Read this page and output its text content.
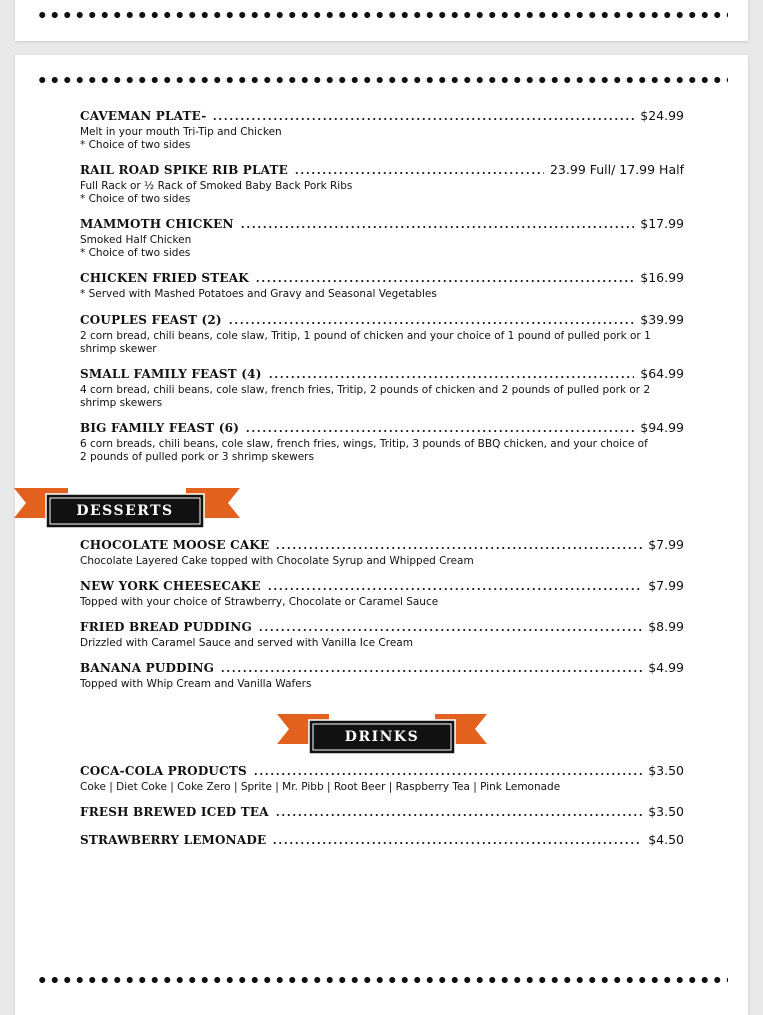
CAVEMAN PLATE-	$24.99
Melt in your mouth Tri-Tip and Chicken
* Choice of two sides
RAIL ROAD SPIKE RIB PLATE	23.99 Full/ 17.99 Half
Full Rack or ½ Rack of Smoked Baby Back Pork Ribs
* Choice of two sides
MAMMOTH CHICKEN	$17.99
Smoked Half Chicken
* Choice of two sides
CHICKEN FRIED STEAK	$16.99
* Served with Mashed Potatoes and Gravy and Seasonal Vegetables
COUPLES FEAST (2)	$39.99
2 corn bread, chili beans, cole slaw, Tritip, 1 pound of chicken and your choice of 1 pound of pulled pork or 1
shrimp skewer
SMALL FAMILY FEAST (4)	$64.99
4 corn bread, chili beans, cole slaw, french fries, Tritip, 2 pounds of chicken and 2 pounds of pulled pork or 2
shrimp skewers
BIG FAMILY FEAST (6)	$94.99
6 corn breads, chili beans, cole slaw, french fries, wings, Tritip, 3 pounds of BBQ chicken, and your choice of
2 pounds of pulled pork or 3 shrimp skewers
DESSERTS
CHOCOLATE MOOSE CAKE	$7.99
Chocolate Layered Cake topped with Chocolate Syrup and Whipped Cream
NEW YORK CHEESECAKE	$7.99
Topped with your choice of Strawberry, Chocolate or Caramel Sauce
FRIED BREAD PUDDING	$8.99
Drizzled with Caramel Sauce and served with Vanilla Ice Cream
BANANA PUDDING	$4.99
Topped with Whip Cream and Vanilla Wafers
DRINKS
COCA-COLA PRODUCTS	$3.50
Coke | Diet Coke | Coke Zero | Sprite | Mr. Pibb | Root Beer | Raspberry Tea | Pink Lemonade
FRESH BREWED ICED TEA	$3.50
STRAWBERRY LEMONADE	$4.50
